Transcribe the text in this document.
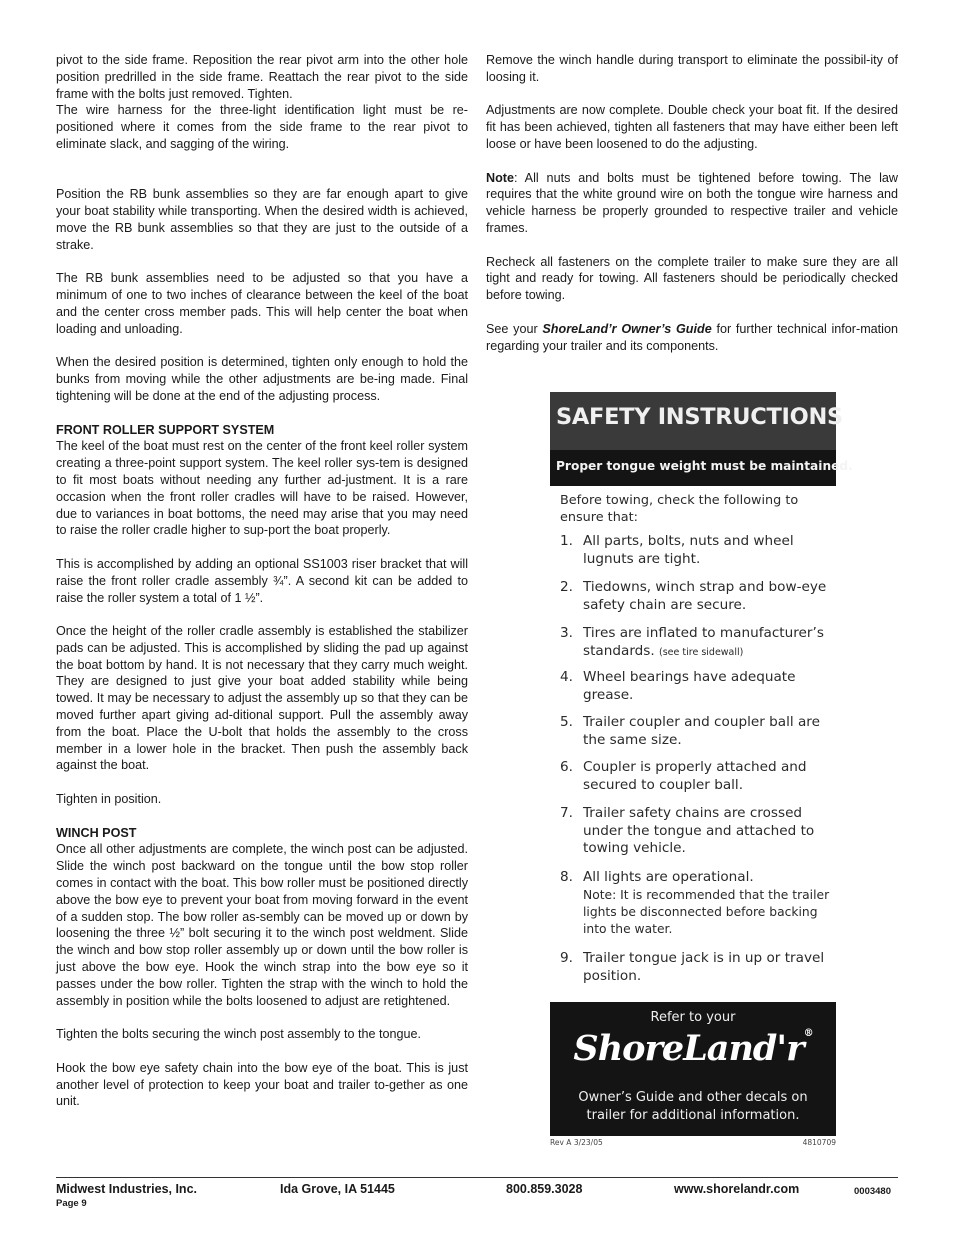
pivot to the side frame. Reposition the rear pivot arm into the other hole position predrilled in the side frame. Reattach the rear pivot to the side frame with the bolts just removed. Tighten.

The wire harness for the three-light identification light must be re-positioned where it comes from the side frame to the rear pivot to eliminate slack, and sagging of the wiring.

Position the RB bunk assemblies so they are far enough apart to give your boat stability while transporting. When the desired width is achieved, move the RB bunk assemblies so that they are just to the outside of a strake.

The RB bunk assemblies need to be adjusted so that you have a minimum of one to two inches of clearance between the keel of the boat and the center cross member pads. This will help center the boat when loading and unloading.

When the desired position is determined, tighten only enough to hold the bunks from moving while the other adjustments are be-ing made. Final tightening will be done at the end of the adjusting process.

FRONT ROLLER SUPPORT SYSTEM

The keel of the boat must rest on the center of the front keel roller system creating a three-point support system. The keel roller sys-tem is designed to fit most boats without needing any further ad-justment. It is a rare occasion when the front roller cradles will have to be raised. However, due to variances in boat bottoms, the need may arise that you may need to raise the roller cradle higher to sup-port the boat properly.

This is accomplished by adding an optional SS1003 riser bracket that will raise the front roller cradle assembly ¾”. A second kit can be added to raise the roller system a total of 1 ½”.

Once the height of the roller cradle assembly is established the stabilizer pads can be adjusted. This is accomplished by sliding the pad up against the boat bottom by hand. It is not necessary that they carry much weight. They are designed to just give your boat added stability while being towed. It may be necessary to adjust the assembly up so that they can be moved further apart giving ad-ditional support. Pull the assembly away from the boat. Place the U-bolt that holds the assembly to the cross member in a lower hole in the bracket. Then push the assembly back against the boat.

Tighten in position.

WINCH POST

Once all other adjustments are complete, the winch post can be adjusted. Slide the winch post backward on the tongue until the bow stop roller comes in contact with the boat. This bow roller must be positioned directly above the bow eye to prevent your boat from moving forward in the event of a sudden stop. The bow roller as-sembly can be moved up or down by loosening the three ½” bolt securing it to the winch post weldment. Slide the winch and bow stop roller assembly up or down until the bow roller is just above the bow eye. Hook the winch strap into the bow eye so it passes under the bow roller. Tighten the strap with the winch to hold the assembly in position while the bolts loosened to adjust are retightened.

Tighten the bolts securing the winch post assembly to the tongue.

Hook the bow eye safety chain into the bow eye of the boat. This is just another level of protection to keep your boat and trailer to-gether as one unit.

Remove the winch handle during transport to eliminate the possibil-ity of loosing it.

Adjustments are now complete. Double check your boat fit. If the desired fit has been achieved, tighten all fasteners that may have either been left loose or have been loosened to do the adjusting.

Note: All nuts and bolts must be tightened before towing. The law requires that the white ground wire on both the tongue wire harness and vehicle harness be properly grounded to respective trailer and vehicle frames.

Recheck all fasteners on the complete trailer to make sure they are all tight and ready for towing. All fasteners should be periodically checked before towing.

See your ShoreLand’r Owner’s Guide for further technical infor-mation regarding your trailer and its components.

SAFETY INSTRUCTIONS
Proper tongue weight must be maintained.
Before towing, check the following to ensure that:
1. All parts, bolts, nuts and wheel lugnuts are tight.
2. Tiedowns, winch strap and bow-eye safety chain are secure.
3. Tires are inflated to manufacturer’s standards. (see tire sidewall)
4. Wheel bearings have adequate grease.
5. Trailer coupler and coupler ball are the same size.
6. Coupler is properly attached and secured to coupler ball.
7. Trailer safety chains are crossed under the tongue and attached to towing vehicle.
8. All lights are operational.
Note: It is recommended that the trailer lights be disconnected before backing into the water.
9. Trailer tongue jack is in up or travel position.
Refer to your
ShoreLand'r®
Owner’s Guide and other decals on trailer for additional information.
Rev A 3/23/05	4810709
Midwest Industries, Inc.	Ida Grove, IA 51445	800.859.3028	www.shorelandr.com	0003480
Page 9
